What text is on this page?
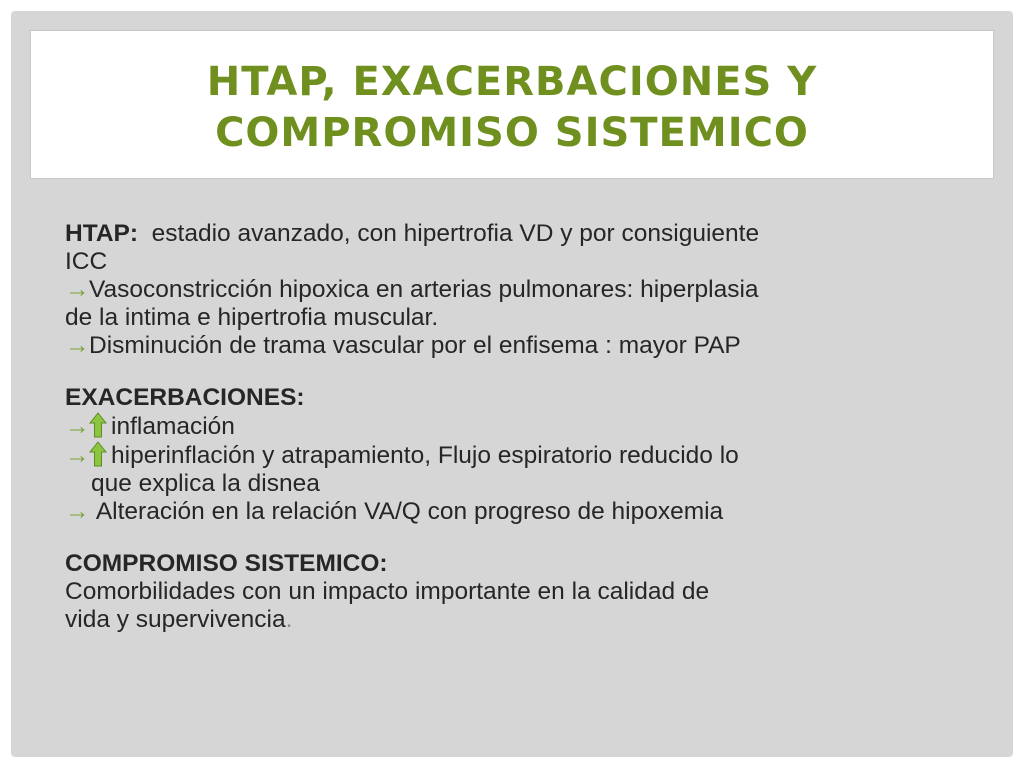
HTAP, EXACERBACIONES Y
COMPROMISO SISTEMICO

HTAP: estadio avanzado, con hipertrofia VD y por consiguiente
ICC

→Vasoconstricción hipoxica en arterias pulmonares: hiperplasia
de la intima e hipertrofia muscular.

→Disminución de trama vascular por el enfisema : mayor PAP

EXACERBACIONES:

→ inflamación

→ hiperinflación y atrapamiento, Flujo espiratorio reducido lo
que explica la disnea

→ Alteración en la relación VA/Q con progreso de hipoxemia

COMPROMISO SISTEMICO:

Comorbilidades con un impacto importante en la calidad de
vida y supervivencia.
